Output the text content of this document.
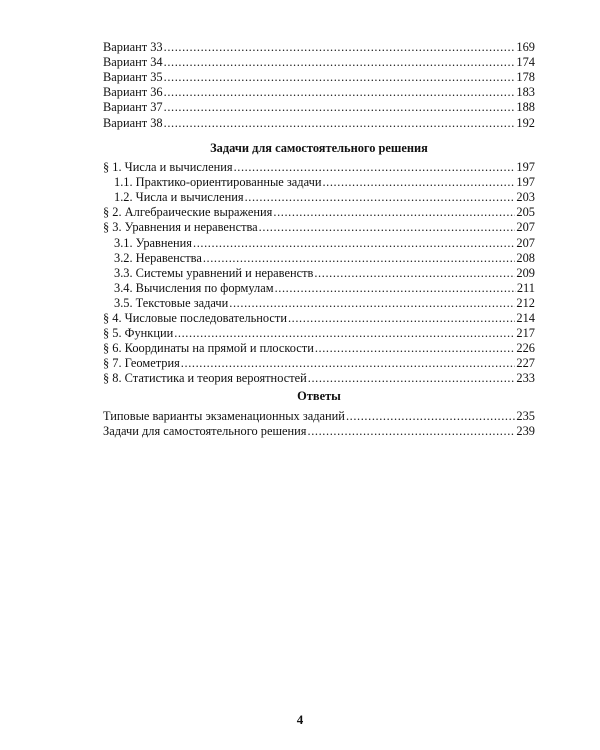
Вариант 33 .....	169
Вариант 34 .....	174
Вариант 35 .....	178
Вариант 36 .....	183
Вариант 37 .....	188
Вариант 38 .....	192
Задачи для самостоятельного решения
§ 1. Числа и вычисления .....	197
1.1. Практико-ориентированные задачи .....	197
1.2. Числа и вычисления .....	203
§ 2. Алгебраические выражения .....	205
§ 3. Уравнения и неравенства .....	207
3.1. Уравнения .....	207
3.2. Неравенства .....	208
3.3. Системы уравнений и неравенств .....	209
3.4. Вычисления по формулам .....	211
3.5. Текстовые задачи .....	212
§ 4. Числовые последовательности .....	214
§ 5. Функции .....	217
§ 6. Координаты на прямой и плоскости .....	226
§ 7. Геометрия .....	227
§ 8. Статистика и теория вероятностей .....	233
Ответы
Типовые варианты экзаменационных заданий .....	235
Задачи для самостоятельного решения .....	239
4
